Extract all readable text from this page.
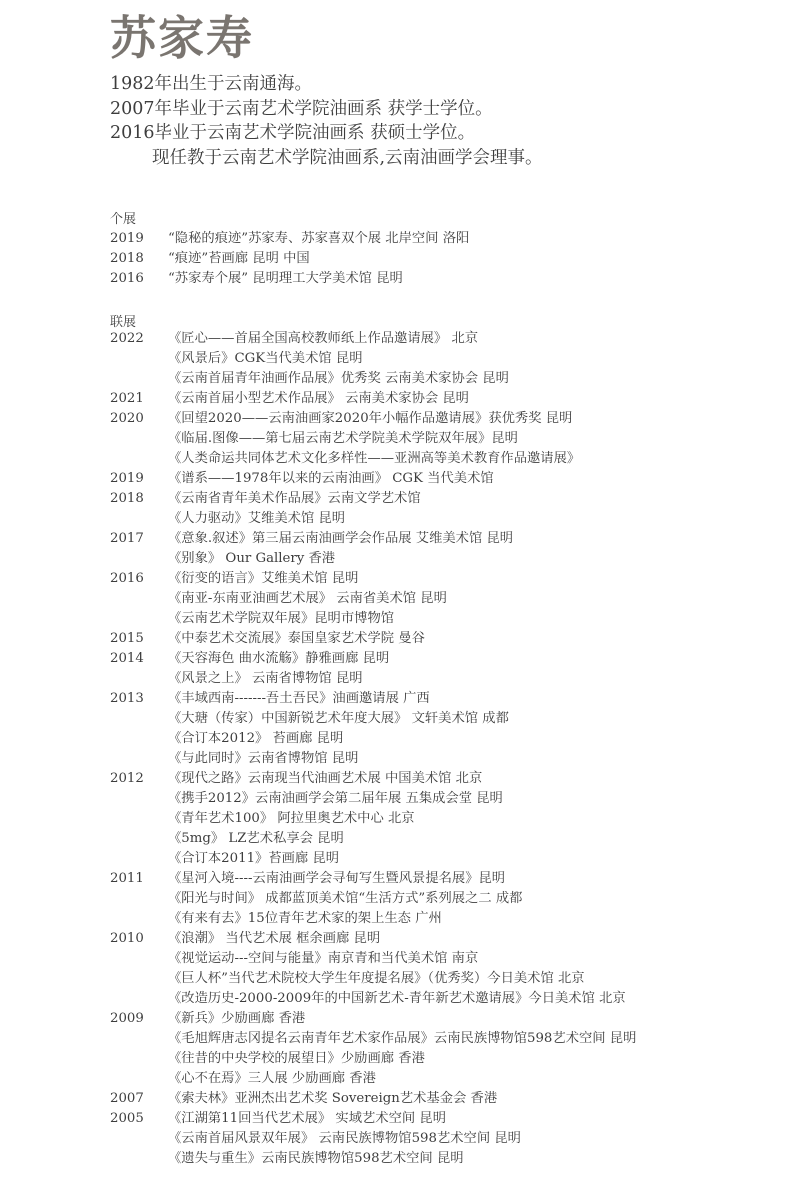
苏家寿
1982年出生于云南通海。
2007年毕业于云南艺术学院油画系 获学士学位。
2016毕业于云南艺术学院油画系 获硕士学位。
现任教于云南艺术学院油画系,云南油画学会理事。
个展
2019	“隐秘的痕迹”苏家寿、苏家喜双个展 北岸空间 洛阳
2018	“痕迹”苔画廊 昆明 中国
2016	“苏家寿个展” 昆明理工大学美术馆 昆明
联展
2022	《匠心——首届全国高校教师纸上作品邀请展》 北京
《风景后》CGK当代美术馆 昆明
《云南首届青年油画作品展》优秀奖 云南美术家协会 昆明
2021	《云南首届小型艺术作品展》 云南美术家协会 昆明
2020	《回望2020——云南油画家2020年小幅作品邀请展》获优秀奖 昆明
《临届.图像——第七届云南艺术学院美术学院双年展》昆明
《人类命运共同体艺术文化多样性——亚洲高等美术教育作品邀请展》
2019	《谱系——1978年以来的云南油画》 CGK 当代美术馆
2018	《云南省青年美术作品展》云南文学艺术馆
《人力驱动》艾维美术馆 昆明
2017	《意象.叙述》第三届云南油画学会作品展 艾维美术馆 昆明
《别象》 Our Gallery 香港
2016	《衍变的语言》艾维美术馆 昆明
《南亚-东南亚油画艺术展》 云南省美术馆 昆明
《云南艺术学院双年展》昆明市博物馆
2015	《中泰艺术交流展》泰国皇家艺术学院 曼谷
2014	《天容海色 曲水流觞》静雅画廊 昆明
《风景之上》 云南省博物馆 昆明
2013	《丰域西南-------吾土吾民》油画邀请展 广西
《大瑭（传家）中国新锐艺术年度大展》 文轩美术馆 成都
《合订本2012》 苔画廊 昆明
《与此同时》云南省博物馆 昆明
2012	《现代之路》云南现当代油画艺术展 中国美术馆 北京
《携手2012》云南油画学会第二届年展 五集成会堂 昆明
《青年艺术100》 阿拉里奥艺术中心 北京
《5mg》 LZ艺术私享会 昆明
《合订本2011》苔画廊 昆明
2011	《星河入境----云南油画学会寻甸写生暨风景提名展》昆明
《阳光与时间》 成都蓝顶美术馆“生活方式”系列展之二 成都
《有来有去》15位青年艺术家的架上生态 广州
2010	《浪潮》 当代艺术展 框余画廊 昆明
《视觉运动---空间与能量》南京青和当代美术馆 南京
《巨人杯”当代艺术院校大学生年度提名展》（优秀奖）今日美术馆 北京
《改造历史-2000-2009年的中国新艺术-青年新艺术邀请展》今日美术馆 北京
2009	《新兵》少励画廊 香港
《毛旭辉唐志冈提名云南青年艺术家作品展》云南民族博物馆598艺术空间 昆明
《往昔的中央学校的展望日》少励画廊 香港
《心不在焉》三人展 少励画廊 香港
2007	《索夫林》亚洲杰出艺术奖 Sovereign艺术基金会 香港
2005	《江湖第11回当代艺术展》 实域艺术空间 昆明
《云南首届风景双年展》 云南民族博物馆598艺术空间 昆明
《遗失与重生》云南民族博物馆598艺术空间 昆明
